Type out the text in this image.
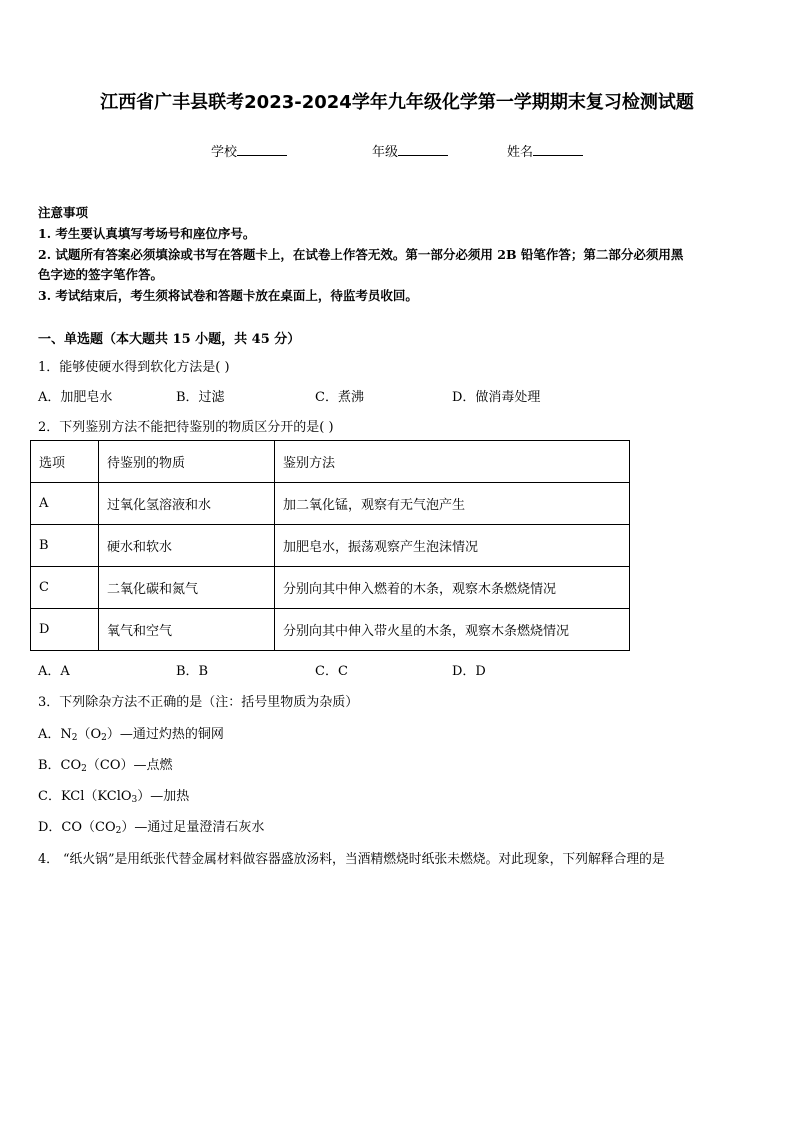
江西省广丰县联考2023-2024学年九年级化学第一学期期末复习检测试题
学校	年级	姓名
注意事项
1. 考生要认真填写考场号和座位序号。
2. 试题所有答案必须填涂或书写在答题卡上，在试卷上作答无效。第一部分必须用 2B 铅笔作答；第二部分必须用黑
色字迹的签字笔作答。
3. 考试结束后，考生须将试卷和答题卡放在桌面上，待监考员收回。
一、单选题（本大题共 15 小题，共 45 分）
1．能够使硬水得到软化方法是( )
A．加肥皂水	B．过滤	C．煮沸	D．做消毒处理
2．下列鉴别方法不能把待鉴别的物质区分开的是( )
选项	待鉴别的物质	鉴别方法
A	过氧化氢溶液和水	加二氧化锰，观察有无气泡产生
B	硬水和软水	加肥皂水，振荡观察产生泡沫情况
C	二氧化碳和氮气	分别向其中伸入燃着的木条，观察木条燃烧情况
D	氧气和空气	分别向其中伸入带火星的木条，观察木条燃烧情况
A．A	B．B	C．C	D．D
3．下列除杂方法不正确的是（注：括号里物质为杂质）
A．$N_2(O_2)—$通过灼热的铜网
B．$CO_2(CO)—$点燃
C．KCl（KClO$_3$）—加热
D．$CO(CO_2)—$通过足量澄清石灰水
4． “纸火锅”是用纸张代替金属材料做容器盛放汤料，当酒精燃烧时纸张未燃烧。对此现象，下列解释合理的是
